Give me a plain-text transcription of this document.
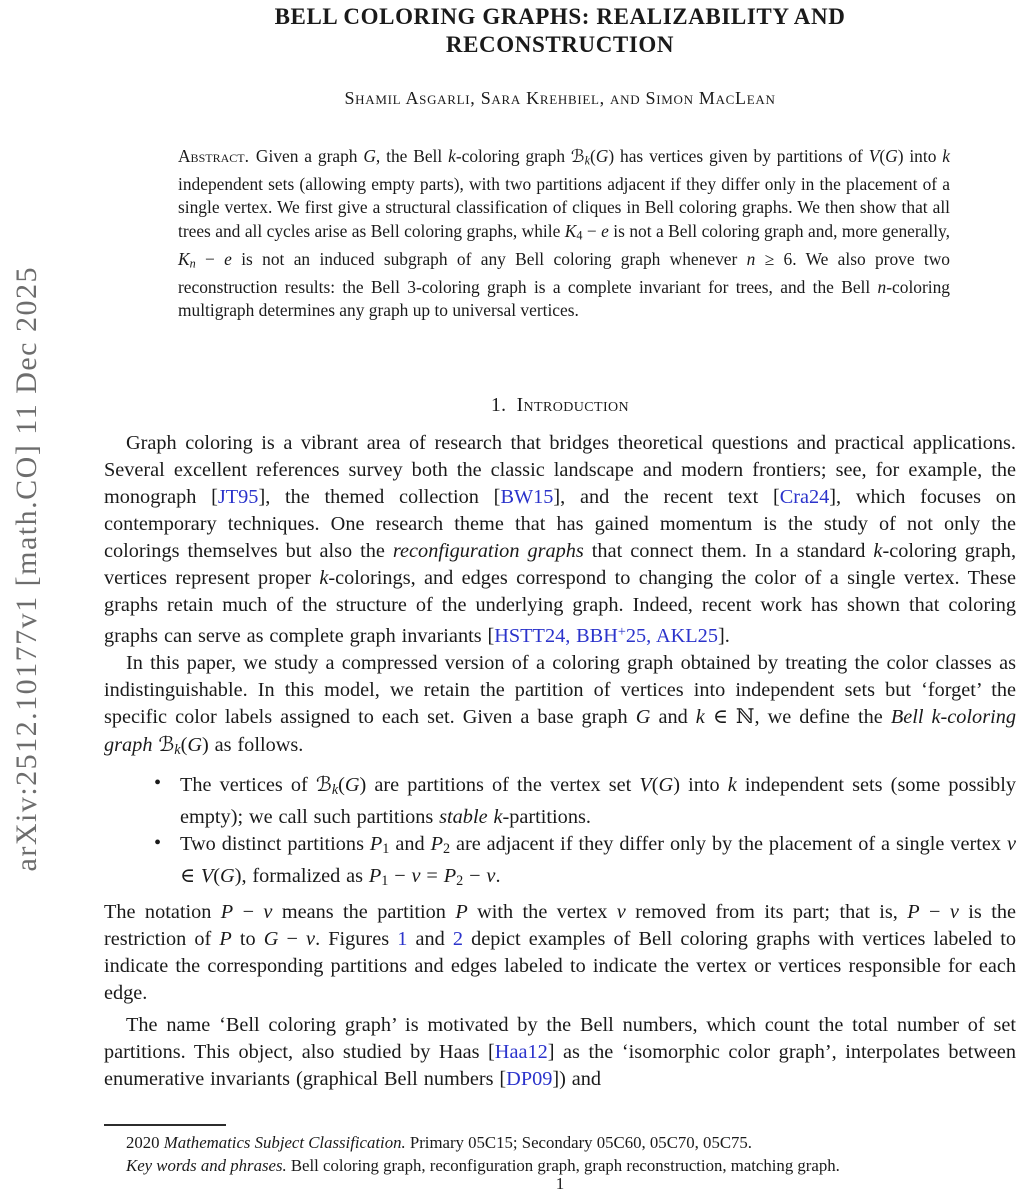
arXiv:2512.10177v1 [math.CO] 11 Dec 2025
BELL COLORING GRAPHS: REALIZABILITY AND
RECONSTRUCTION
Shamil Asgarli, Sara Krehbiel, and Simon MacLean

Abstract. Given a graph G, the Bell k-coloring graph ℬk(G) has vertices given by partitions of V(G) into k independent sets (allowing empty parts), with two partitions adjacent if they differ only in the placement of a single vertex. We first give a structural classification of cliques in Bell coloring graphs. We then show that all trees and all cycles arise as Bell coloring graphs, while K4 − e is not a Bell coloring graph and, more generally, Kn − e is not an induced subgraph of any Bell coloring graph whenever n ≥ 6. We also prove two reconstruction results: the Bell 3-coloring graph is a complete invariant for trees, and the Bell n-coloring multigraph determines any graph up to universal vertices.

1. Introduction

Graph coloring is a vibrant area of research that bridges theoretical questions and practical applications. Several excellent references survey both the classic landscape and modern frontiers; see, for example, the monograph [JT95], the themed collection [BW15], and the recent text [Cra24], which focuses on contemporary techniques. One research theme that has gained momentum is the study of not only the colorings themselves but also the reconfiguration graphs that connect them. In a standard k-coloring graph, vertices represent proper k-colorings, and edges correspond to changing the color of a single vertex. These graphs retain much of the structure of the underlying graph. Indeed, recent work has shown that coloring graphs can serve as complete graph invariants [HSTT24, BBH+25, AKL25].

In this paper, we study a compressed version of a coloring graph obtained by treating the color classes as indistinguishable. In this model, we retain the partition of vertices into independent sets but ‘forget’ the specific color labels assigned to each set. Given a base graph G and k ∈ ℕ, we define the Bell k-coloring graph ℬk(G) as follows.

• The vertices of ℬk(G) are partitions of the vertex set V(G) into k independent sets (some possibly empty); we call such partitions stable k-partitions.
• Two distinct partitions P1 and P2 are adjacent if they differ only by the placement of a single vertex v ∈ V(G), formalized as P1 − v = P2 − v.

The notation P − v means the partition P with the vertex v removed from its part; that is, P − v is the restriction of P to G − v. Figures 1 and 2 depict examples of Bell coloring graphs with vertices labeled to indicate the corresponding partitions and edges labeled to indicate the vertex or vertices responsible for each edge.

The name ‘Bell coloring graph’ is motivated by the Bell numbers, which count the total number of set partitions. This object, also studied by Haas [Haa12] as the ‘isomorphic color graph’, interpolates between enumerative invariants (graphical Bell numbers [DP09]) and

2020 Mathematics Subject Classification. Primary 05C15; Secondary 05C60, 05C70, 05C75.

Key words and phrases. Bell coloring graph, reconfiguration graph, graph reconstruction, matching graph.

1
